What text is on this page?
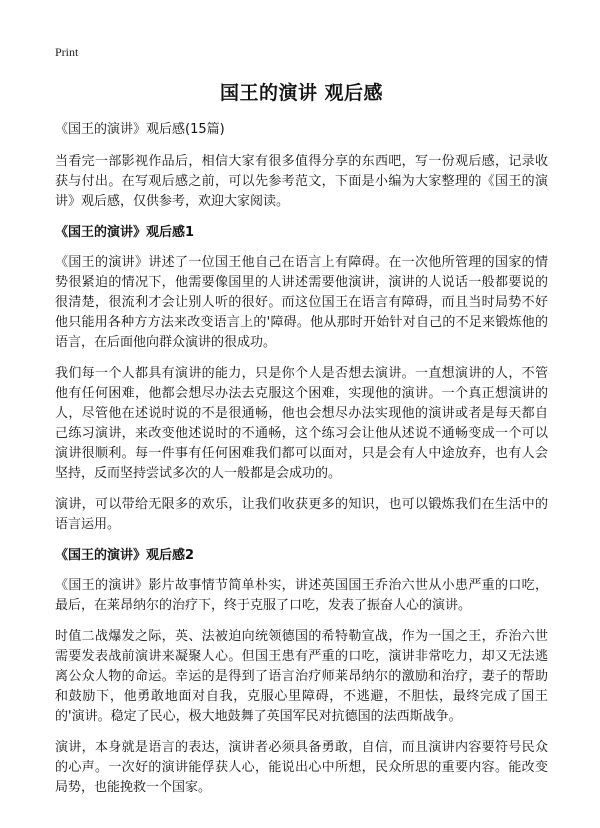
Print
国王的演讲 观后感
《国王的演讲》观后感(15篇)

当看完一部影视作品后，相信大家有很多值得分享的东西吧，写一份观后感，记录收获与付出。在写观后感之前，可以先参考范文，下面是小编为大家整理的《国王的演讲》观后感，仅供参考，欢迎大家阅读。

《国王的演讲》观后感1

《国王的演讲》讲述了一位国王他自己在语言上有障碍。在一次他所管理的国家的情势很紧迫的情况下，他需要像国里的人讲述需要他演讲，演讲的人说话一般都要说的很清楚，很流利才会让别人听的很好。而这位国王在语言有障碍，而且当时局势不好他只能用各种方方法来改变语言上的'障碍。他从那时开始针对自己的不足来锻炼他的语言，在后面他向群众演讲的很成功。

我们每一个人都具有演讲的能力，只是你个人是否想去演讲。一直想演讲的人，不管他有任何困难，他都会想尽办法去克服这个困难，实现他的演讲。一个真正想演讲的人，尽管他在述说时说的不是很通畅，他也会想尽办法实现他的演讲或者是每天都自己练习演讲，来改变他述说时的不通畅，这个练习会让他从述说不通畅变成一个可以演讲很顺利。每一件事有任何困难我们都可以面对，只是会有人中途放弃，也有人会坚持，反而坚持尝试多次的人一般都是会成功的。

演讲，可以带给无限多的欢乐，让我们收获更多的知识，也可以锻炼我们在生活中的语言运用。

《国王的演讲》观后感2

《国王的演讲》影片故事情节简单朴实，讲述英国国王乔治六世从小患严重的口吃，最后，在莱昂纳尔的治疗下，终于克服了口吃，发表了振奋人心的演讲。

时值二战爆发之际，英、法被迫向统领德国的希特勒宣战，作为一国之王，乔治六世需要发表战前演讲来凝聚人心。但国王患有严重的口吃，演讲非常吃力，却又无法逃离公众人物的命运。幸运的是得到了语言治疗师莱昂纳尔的激励和治疗，妻子的帮助和鼓励下，他勇敢地面对自我，克服心里障碍，不逃避，不胆怯，最终完成了国王的'演讲。稳定了民心，极大地鼓舞了英国军民对抗德国的法西斯战争。

演讲，本身就是语言的表达，演讲者必须具备勇敢，自信，而且演讲内容要符号民众的心声。一次好的演讲能俘获人心，能说出心中所想，民众所思的重要内容。能改变局势，也能挽救一个国家。
